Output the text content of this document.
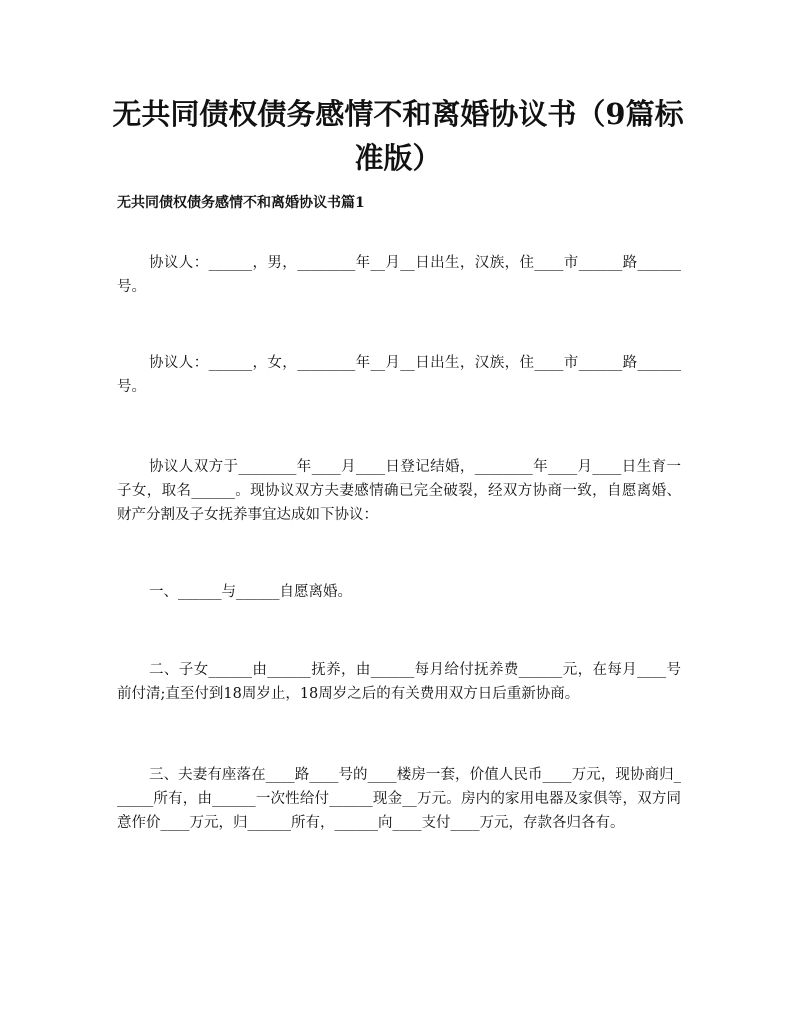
无共同债权债务感情不和离婚协议书（9篇标准版）
无共同债权债务感情不和离婚协议书篇1

协议人：______，男，________年__月__日出生，汉族，住____市______路______号。

协议人：______，女，________年__月__日出生，汉族，住____市______路______号。

协议人双方于________年____月____日登记结婚，________年____月____日生育一子女，取名______。现协议双方夫妻感情确已完全破裂，经双方协商一致，自愿离婚、财产分割及子女抚养事宜达成如下协议：

一、______与______自愿离婚。

二、子女______由______抚养，由______每月给付抚养费______元，在每月____号前付清;直至付到18周岁止，18周岁之后的有关费用双方日后重新协商。

三、夫妻有座落在____路____号的____楼房一套，价值人民币____万元，现协商归______所有，由______一次性给付______现金__万元。房内的家用电器及家俱等，双方同意作价____万元，归______所有，______向____支付____万元，存款各归各有。
